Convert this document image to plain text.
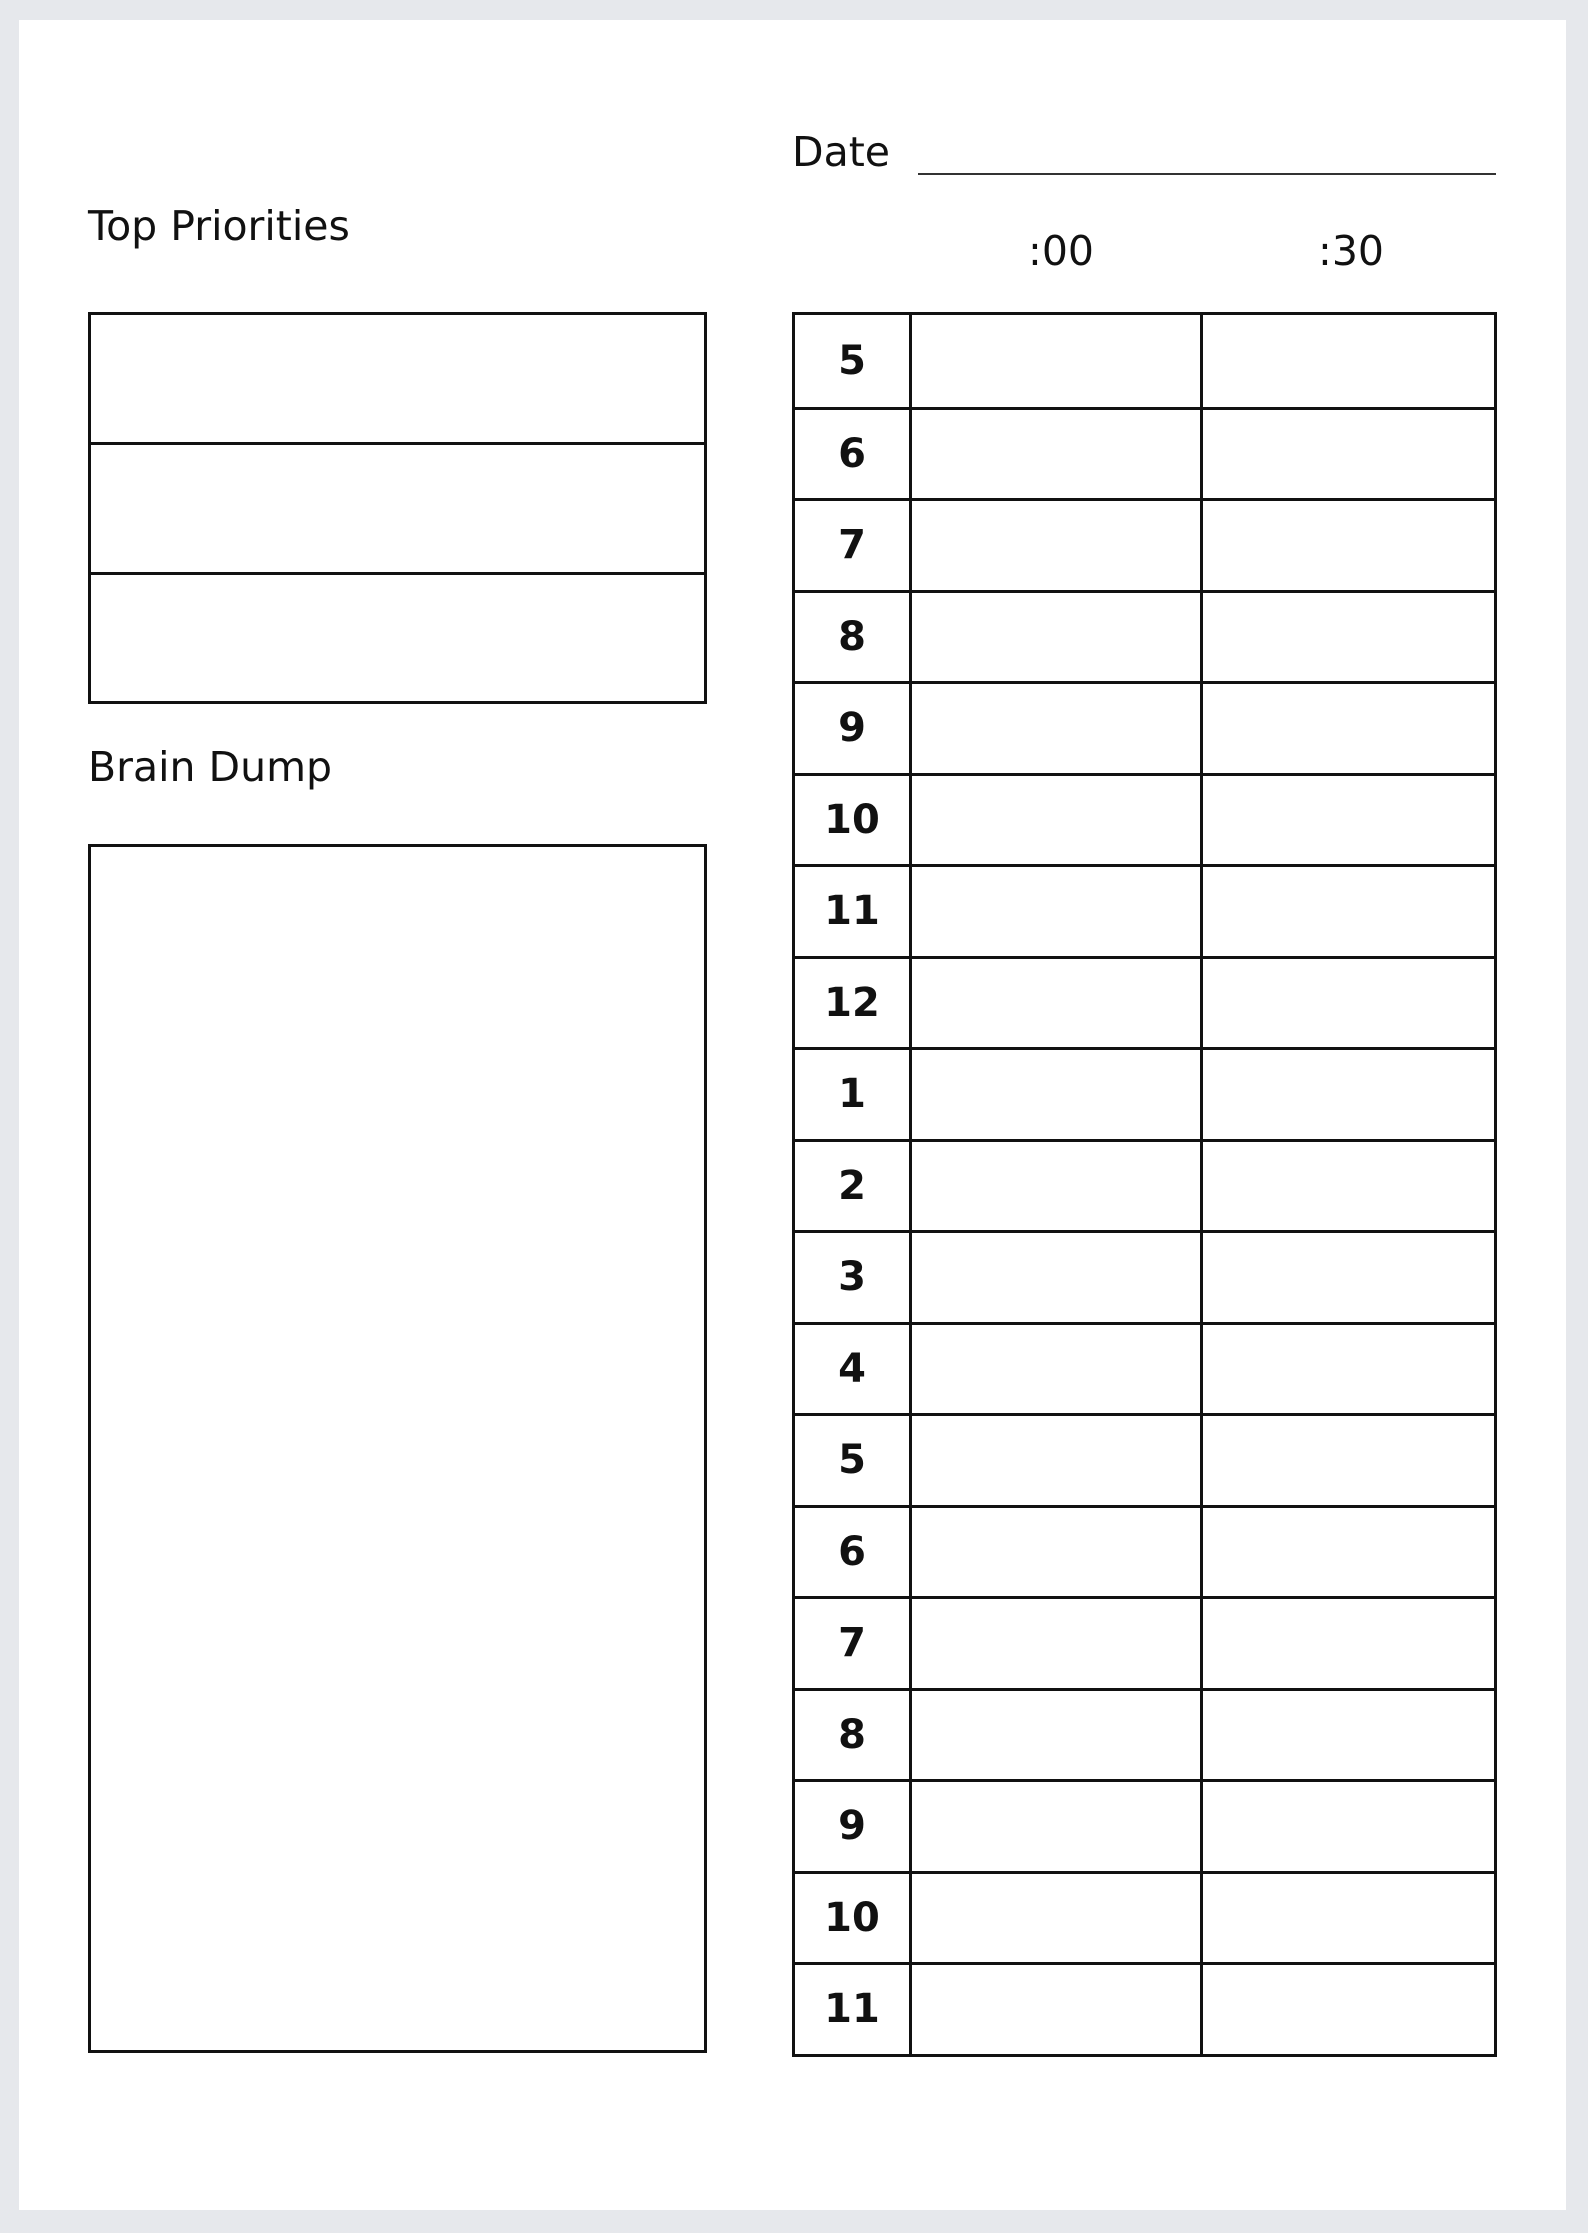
Date
Top Priorities
Brain Dump
:00	:30
5
6
7
8
9
10
11
12
1
2
3
4
5
6
7
8
9
10
11
